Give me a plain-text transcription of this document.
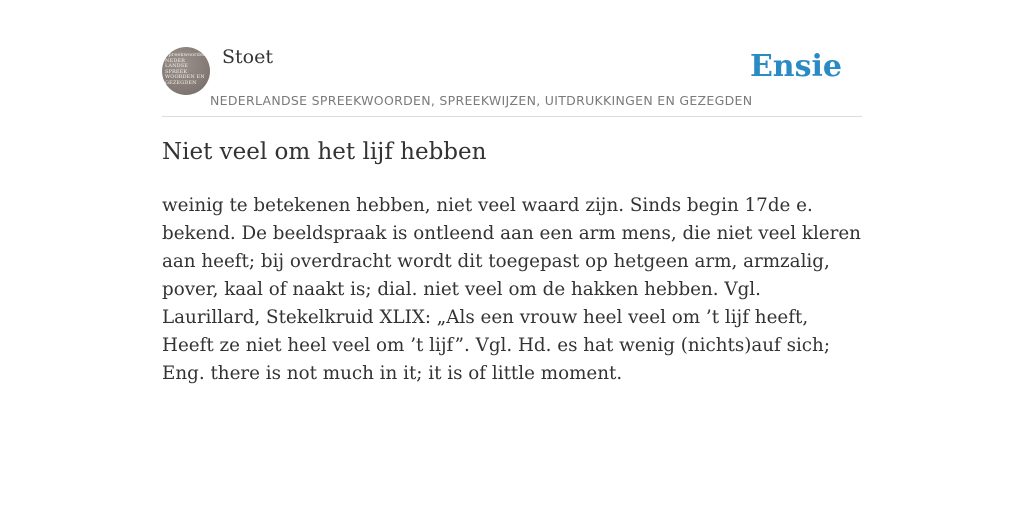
Spreekwoorden
NEDER
LANDSE
SPREEK
WOORDEN EN
GEZEGDEN
Stoet	Ensie
NEDERLANDSE SPREEKWOORDEN, SPREEKWIJZEN, UITDRUKKINGEN EN GEZEGDEN
Niet veel om het lijf hebben

weinig te betekenen hebben, niet veel waard zijn. Sinds begin 17de e. bekend. De beeldspraak is ontleend aan een arm mens, die niet veel kleren aan heeft; bij overdracht wordt dit toegepast op hetgeen arm, armzalig, pover, kaal of naakt is; dial. niet veel om de hakken hebben. Vgl. Laurillard, Stekelkruid XLIX: „Als een vrouw heel veel om ’t lijf heeft, Heeft ze niet heel veel om ’t lijf”. Vgl. Hd. es hat wenig (nichts)auf sich; Eng. there is not much in it; it is of little moment.
